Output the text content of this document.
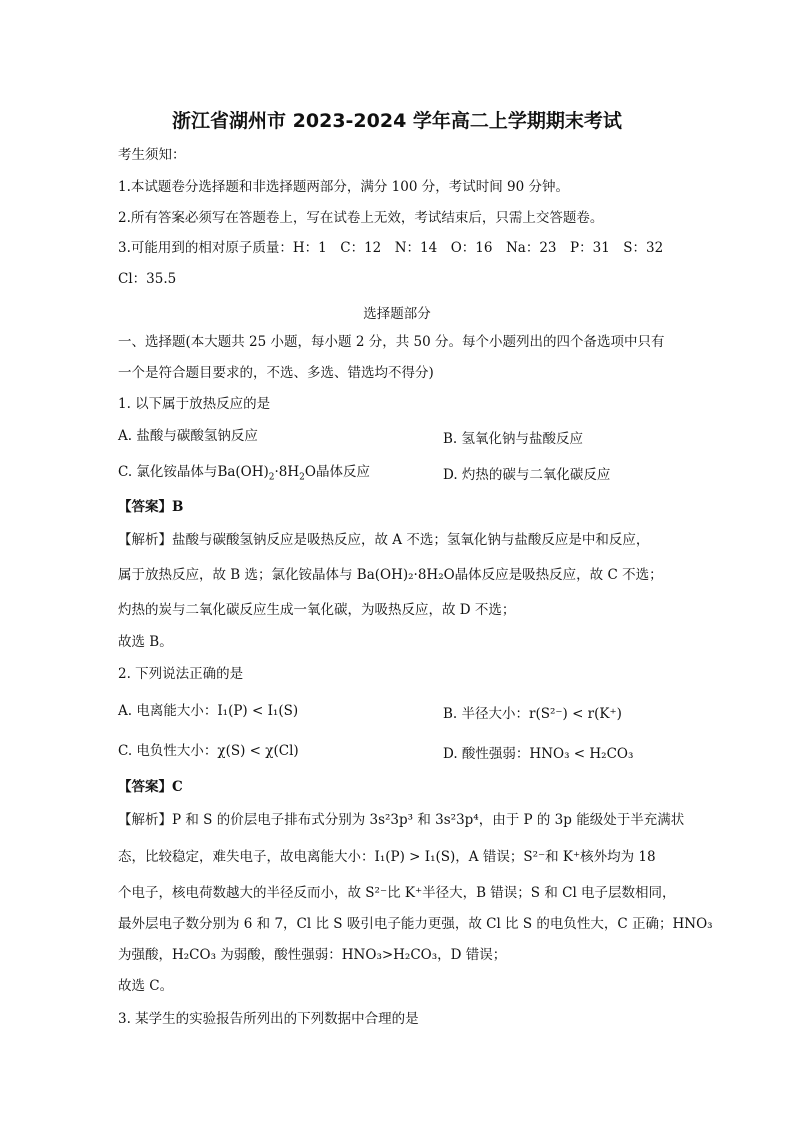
浙江省湖州市 2023-2024 学年高二上学期期末考试
考生须知：
1.本试题卷分选择题和非选择题两部分，满分 100 分，考试时间 90 分钟。
2.所有答案必须写在答题卷上，写在试卷上无效，考试结束后，只需上交答题卷。
3.可能用到的相对原子质量：H：1　C：12　N：14　O：16　Na：23　P：31　S：32
Cl：35.5
选择题部分
一、选择题(本大题共 25 小题，每小题 2 分，共 50 分。每个小题列出的四个备选项中只有
一个是符合题目要求的，不选、多选、错选均不得分)
1. 以下属于放热反应的是
A. 盐酸与碳酸氢钠反应	B. 氢氧化钠与盐酸反应
C. 氯化铵晶体与$Ba(OH)_2\cdot 8H_2O$晶体反应	D. 灼热的碳与二氧化碳反应
【答案】B
【解析】盐酸与碳酸氢钠反应是吸热反应，故 A 不选；氢氧化钠与盐酸反应是中和反应，
属于放热反应，故 B 选；氯化铵晶体与 Ba(OH)₂·8H₂O晶体反应是吸热反应，故 C 不选；
灼热的炭与二氧化碳反应生成一氧化碳，为吸热反应，故 D 不选；
故选 B。
2. 下列说法正确的是
A. 电离能大小：I₁(P) < I₁(S)	B. 半径大小：r(S²⁻) < r(K⁺)
C. 电负性大小：χ(S) < χ(Cl)	D. 酸性强弱：HNO₃ < H₂CO₃
【答案】C
【解析】P 和 S 的价层电子排布式分别为 3s²3p³ 和 3s²3p⁴，由于 P 的 3p 能级处于半充满状
态，比较稳定，难失电子，故电离能大小：I₁(P) > I₁(S)，A 错误；S²⁻和 K⁺核外均为 18
个电子，核电荷数越大的半径反而小，故 S²⁻比 K⁺半径大，B 错误；S 和 Cl 电子层数相同，
最外层电子数分别为 6 和 7，Cl 比 S 吸引电子能力更强，故 Cl 比 S 的电负性大，C 正确；HNO₃
为强酸，H₂CO₃ 为弱酸，酸性强弱：HNO₃>H₂CO₃，D 错误；
故选 C。
3. 某学生的实验报告所列出的下列数据中合理的是
